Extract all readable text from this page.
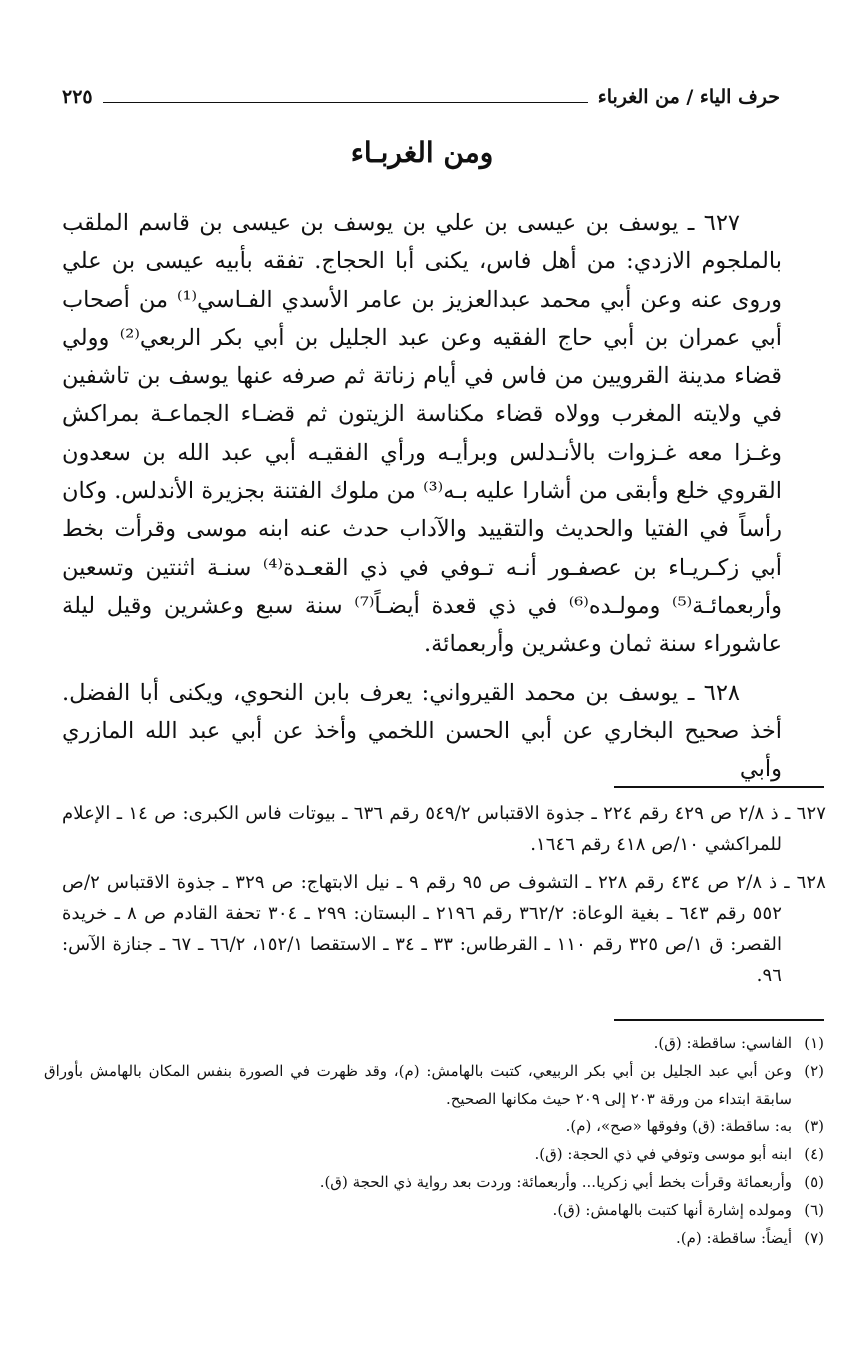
حرف الياء / من الغرباء
٢٢٥
ومن الغربـاء

٦٢٧ ـ يوسف بن عيسى بن علي بن يوسف بن عيسى بن قاسم الملقب بالملجوم الازدي: من أهل فاس، يكنى أبا الحجاج. تفقه بأبيه عيسى بن علي وروى عنه وعن أبي محمد عبدالعزيز بن عامر الأسدي الفـاسي⁽¹⁾ من أصحاب أبي عمران بن أبي حاج الفقيه وعن عبد الجليل بن أبي بكر الربعي⁽²⁾ وولي قضاء مدينة القرويين من فاس في أيام زناتة ثم صرفه عنها يوسف بن تاشفين في ولايته المغرب وولاه قضاء مكناسة الزيتون ثم قضـاء الجماعـة بمراكش وغـزا معه غـزوات بالأنـدلس وبرأيـه ورأي الفقيـه أبي عبد الله بن سعدون القروي خلع وأبقى من أشارا عليه بـه⁽³⁾ من ملوك الفتنة بجزيرة الأندلس. وكان رأساً في الفتيا والحديث والتقييد والآداب حدث عنه ابنه موسى وقرأت بخط أبي زكـريـاء بن عصفـور أنـه تـوفي في ذي القعـدة⁽⁴⁾ سنـة اثنتين وتسعين وأربعمائـة⁽⁵⁾ ومولـده⁽⁶⁾ في ذي قعدة أيضـاً⁽⁷⁾ سنة سبع وعشرين وقيل ليلة عاشوراء سنة ثمان وعشرين وأربعمائة.

٦٢٨ ـ يوسف بن محمد القيرواني: يعرف بابن النحوي، ويكنى أبا الفضل. أخذ صحيح البخاري عن أبي الحسن اللخمي وأخذ عن أبي عبد الله المازري وأبي

٦٢٧ ـ ذ ٢/٨ ص ٤٢٩ رقم ٢٢٤ ـ جذوة الاقتباس ٥٤٩/٢ رقم ٦٣٦ ـ بيوتات فاس الكبرى: ص ١٤ ـ الإعلام للمراكشي ١٠/ص ٤١٨ رقم ١٦٤٦.
٦٢٨ ـ ذ ٢/٨ ص ٤٣٤ رقم ٢٢٨ ـ التشوف ص ٩٥ رقم ٩ ـ نيل الابتهاج: ص ٣٢٩ ـ جذوة الاقتباس ٢/ص ٥٥٢ رقم ٦٤٣ ـ بغية الوعاة: ٣٦٢/٢ رقم ٢١٩٦ ـ البستان: ٢٩٩ ـ ٣٠٤ تحفة القادم ص ٨ ـ خريدة القصر: ق ١/ص ٣٢٥ رقم ١١٠ ـ القرطاس: ٣٣ ـ ٣٤ ـ الاستقصا ١٥٢/١، ٦٦/٢ ـ ٦٧ ـ جنازة الآس: ٩٦.
(١)
الفاسي: ساقطة: (ق).
(٢)
وعن أبي عبد الجليل بن أبي بكر الربيعي، كتبت بالهامش: (م)، وقد ظهرت في الصورة بنفس المكان بالهامش بأوراق سابقة ابتداء من ورقة ٢٠٣ إلى ٢٠٩ حيث مكانها الصحيح.
(٣)
به: ساقطة: (ق) وفوقها «صح»، (م).
(٤)
ابنه أبو موسى وتوفي في ذي الحجة: (ق).
(٥)
وأربعمائة وقرأت بخط أبي زكريا... وأربعمائة: وردت بعد رواية ذي الحجة (ق).
(٦)
ومولده إشارة أنها كتبت بالهامش: (ق).
(٧)
أيضاً: ساقطة: (م).
